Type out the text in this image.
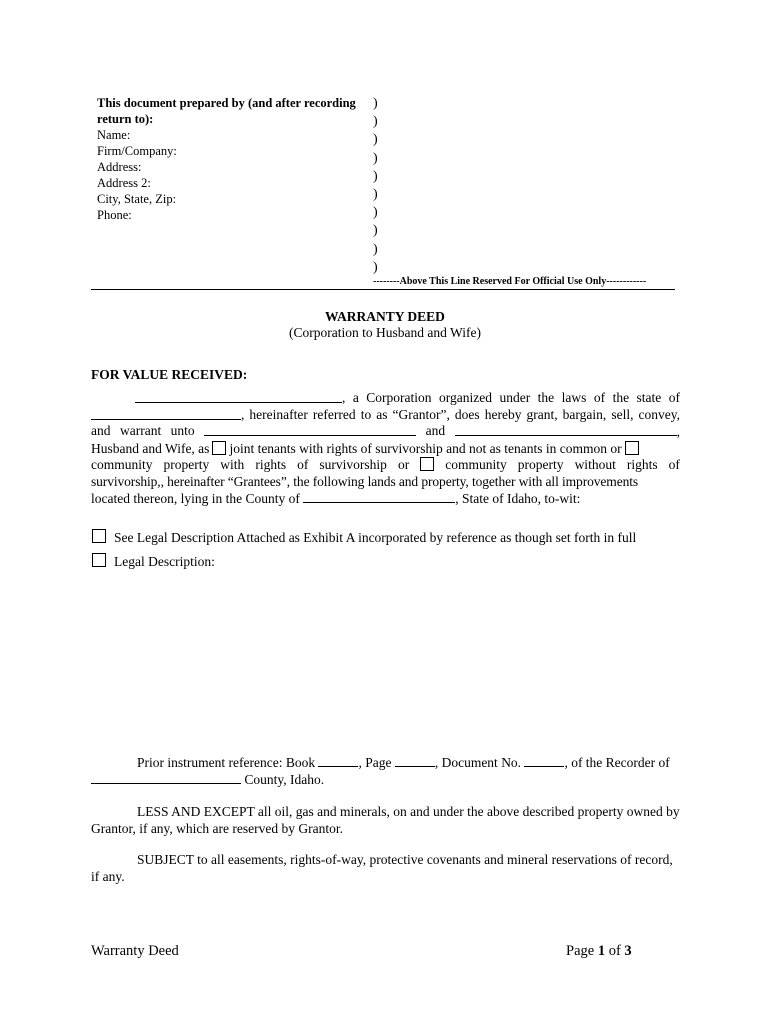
This document prepared by (and after recording
return to):
Name:
Firm/Company:
Address:
Address 2:
City, State, Zip:
Phone:
)
)
)
)
)
)
)
)
)
)
--------Above This Line Reserved For Official Use Only------------
WARRANTY DEED
(Corporation to Husband and Wife)
FOR VALUE RECEIVED:
, a Corporation organized under the laws of the state of
, hereinafter referred to as “Grantor”, does hereby grant, bargain, sell, convey,
and warrant unto	and	,
Husband and Wife, as joint tenants with rights of survivorship and not as tenants in common or
community property with rights of survivorship or	community property without rights of
survivorship,, hereinafter “Grantees”, the following lands and property, together with all improvements
located thereon, lying in the County of	, State of Idaho, to-wit:
See Legal Description Attached as Exhibit A incorporated by reference as though set forth in full
Legal Description:
Prior instrument reference: Book	, Page	, Document No.	, of the Recorder of
County, Idaho.
LESS AND EXCEPT all oil, gas and minerals, on and under the above described property owned by Grantor, if any, which are reserved by Grantor.
SUBJECT to all easements, rights-of-way, protective covenants and mineral reservations of record, if any.
Warranty Deed	Page 1 of 3
